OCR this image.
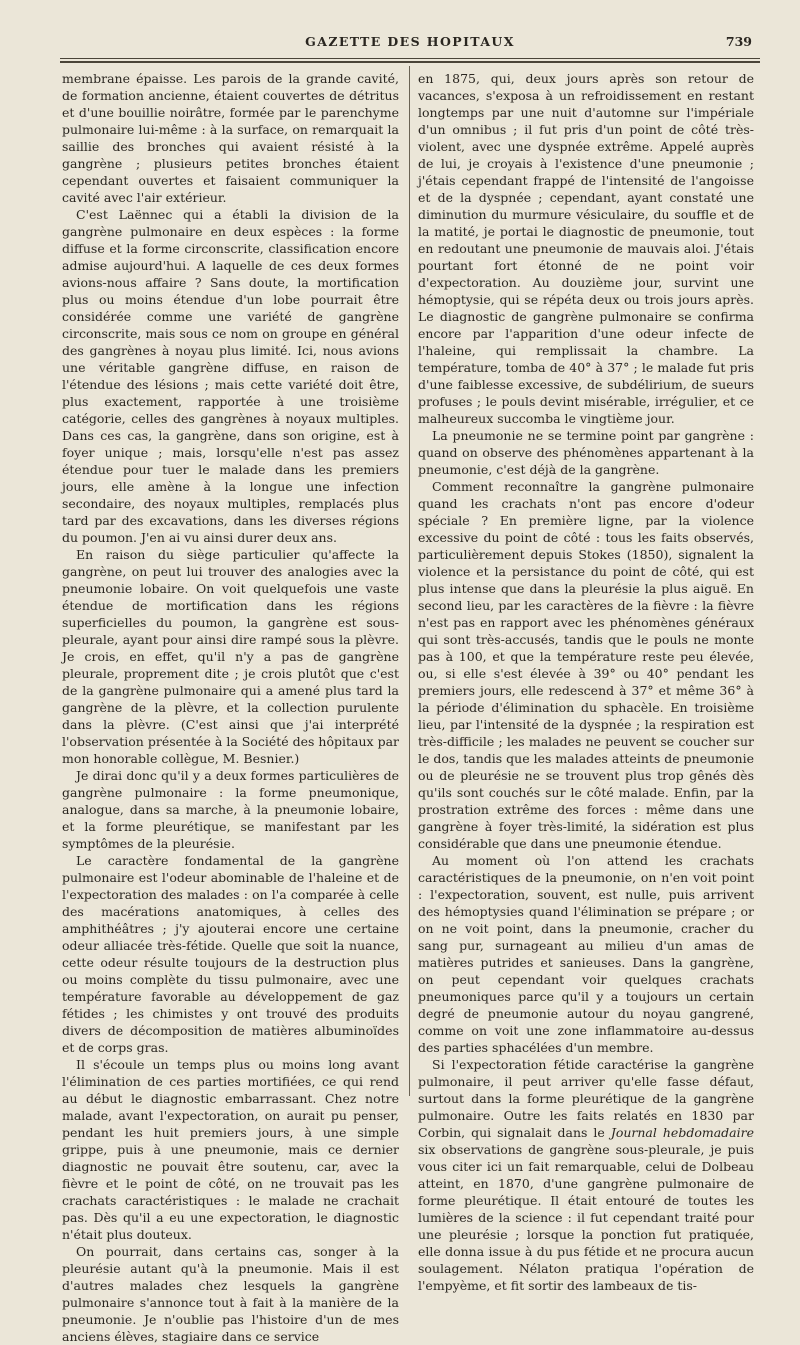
GAZETTE DES HOPITAUX	739

membrane épaisse. Les parois de la grande cavité, de formation ancienne, étaient couvertes de détritus et d'une bouillie noirâtre, formée par le parenchyme pulmonaire lui-même : à la surface, on remarquait la saillie des bronches qui avaient résisté à la gangrène ; plusieurs petites bronches étaient cependant ouvertes et faisaient communiquer la cavité avec l'air extérieur.

C'est Laënnec qui a établi la division de la gangrène pulmonaire en deux espèces : la forme diffuse et la forme circonscrite, classification encore admise aujourd'hui. A laquelle de ces deux formes avions-nous affaire ? Sans doute, la mortification plus ou moins étendue d'un lobe pourrait être considérée comme une variété de gangrène circonscrite, mais sous ce nom on groupe en général des gangrènes à noyau plus limité. Ici, nous avions une véritable gangrène diffuse, en raison de l'étendue des lésions ; mais cette variété doit être, plus exactement, rapportée à une troisième catégorie, celles des gangrènes à noyaux multiples. Dans ces cas, la gangrène, dans son origine, est à foyer unique ; mais, lorsqu'elle n'est pas assez étendue pour tuer le malade dans les premiers jours, elle amène à la longue une infection secondaire, des noyaux multiples, remplacés plus tard par des excavations, dans les diverses régions du poumon. J'en ai vu ainsi durer deux ans.

En raison du siège particulier qu'affecte la gangrène, on peut lui trouver des analogies avec la pneumonie lobaire. On voit quelquefois une vaste étendue de mortification dans les régions superficielles du poumon, la gangrène est sous-pleurale, ayant pour ainsi dire rampé sous la plèvre. Je crois, en effet, qu'il n'y a pas de gangrène pleurale, proprement dite ; je crois plutôt que c'est de la gangrène pulmonaire qui a amené plus tard la gangrène de la plèvre, et la collection purulente dans la plèvre. (C'est ainsi que j'ai interprété l'observation présentée à la Société des hôpitaux par mon honorable collègue, M. Besnier.)

Je dirai donc qu'il y a deux formes particulières de gangrène pulmonaire : la forme pneumonique, analogue, dans sa marche, à la pneumonie lobaire, et la forme pleurétique, se manifestant par les symptômes de la pleurésie.

Le caractère fondamental de la gangrène pulmonaire est l'odeur abominable de l'haleine et de l'expectoration des malades : on l'a comparée à celle des macérations anatomiques, à celles des amphithéâtres ; j'y ajouterai encore une certaine odeur alliacée très-fétide. Quelle que soit la nuance, cette odeur résulte toujours de la destruction plus ou moins complète du tissu pulmonaire, avec une température favorable au développement de gaz fétides ; les chimistes y ont trouvé des produits divers de décomposition de matières albuminoïdes et de corps gras.

Il s'écoule un temps plus ou moins long avant l'élimination de ces parties mortifiées, ce qui rend au début le diagnostic embarrassant. Chez notre malade, avant l'expectoration, on aurait pu penser, pendant les huit premiers jours, à une simple grippe, puis à une pneumonie, mais ce dernier diagnostic ne pouvait être soutenu, car, avec la fièvre et le point de côté, on ne trouvait pas les crachats caractéristiques : le malade ne crachait pas. Dès qu'il a eu une expectoration, le diagnostic n'était plus douteux.

On pourrait, dans certains cas, songer à la pleurésie autant qu'à la pneumonie. Mais il est d'autres malades chez lesquels la gangrène pulmonaire s'annonce tout à fait à la manière de la pneumonie. Je n'oublie pas l'histoire d'un de mes anciens élèves, stagiaire dans ce service

en 1875, qui, deux jours après son retour de vacances, s'exposa à un refroidissement en restant longtemps par une nuit d'automne sur l'impériale d'un omnibus ; il fut pris d'un point de côté très-violent, avec une dyspnée extrême. Appelé auprès de lui, je croyais à l'existence d'une pneumonie ; j'étais cependant frappé de l'intensité de l'angoisse et de la dyspnée ; cependant, ayant constaté une diminution du murmure vésiculaire, du souffle et de la matité, je portai le diagnostic de pneumonie, tout en redoutant une pneumonie de mauvais aloi. J'étais pourtant fort étonné de ne point voir d'expectoration. Au douzième jour, survint une hémoptysie, qui se répéta deux ou trois jours après. Le diagnostic de gangrène pulmonaire se confirma encore par l'apparition d'une odeur infecte de l'haleine, qui remplissait la chambre. La température, tomba de 40° à 37° ; le malade fut pris d'une faiblesse excessive, de subdélirium, de sueurs profuses ; le pouls devint misérable, irrégulier, et ce malheureux succomba le vingtième jour.

La pneumonie ne se termine point par gangrène : quand on observe des phénomènes appartenant à la pneumonie, c'est déjà de la gangrène.

Comment reconnaître la gangrène pulmonaire quand les crachats n'ont pas encore d'odeur spéciale ? En première ligne, par la violence excessive du point de côté : tous les faits observés, particulièrement depuis Stokes (1850), signalent la violence et la persistance du point de côté, qui est plus intense que dans la pleurésie la plus aiguë. En second lieu, par les caractères de la fièvre : la fièvre n'est pas en rapport avec les phénomènes généraux qui sont très-accusés, tandis que le pouls ne monte pas à 100, et que la température reste peu élevée, ou, si elle s'est élevée à 39° ou 40° pendant les premiers jours, elle redescend à 37° et même 36° à la période d'élimination du sphacèle. En troisième lieu, par l'intensité de la dyspnée ; la respiration est très-difficile ; les malades ne peuvent se coucher sur le dos, tandis que les malades atteints de pneumonie ou de pleurésie ne se trouvent plus trop gênés dès qu'ils sont couchés sur le côté malade. Enfin, par la prostration extrême des forces : même dans une gangrène à foyer très-limité, la sidération est plus considérable que dans une pneumonie étendue.

Au moment où l'on attend les crachats caractéristiques de la pneumonie, on n'en voit point : l'expectoration, souvent, est nulle, puis arrivent des hémoptysies quand l'élimination se prépare ; or on ne voit point, dans la pneumonie, cracher du sang pur, surnageant au milieu d'un amas de matières putrides et sanieuses. Dans la gangrène, on peut cependant voir quelques crachats pneumoniques parce qu'il y a toujours un certain degré de pneumonie autour du noyau gangrené, comme on voit une zone inflammatoire au-dessus des parties sphacélées d'un membre.

Si l'expectoration fétide caractérise la gangrène pulmonaire, il peut arriver qu'elle fasse défaut, surtout dans la forme pleurétique de la gangrène pulmonaire. Outre les faits relatés en 1830 par Corbin, qui signalait dans le Journal hebdomadaire six observations de gangrène sous-pleurale, je puis vous citer ici un fait remarquable, celui de Dolbeau atteint, en 1870, d'une gangrène pulmonaire de forme pleurétique. Il était entouré de toutes les lumières de la science : il fut cependant traité pour une pleurésie ; lorsque la ponction fut pratiquée, elle donna issue à du pus fétide et ne procura aucun soulagement. Nélaton pratiqua l'opération de l'empyème, et fit sortir des lambeaux de tis-
